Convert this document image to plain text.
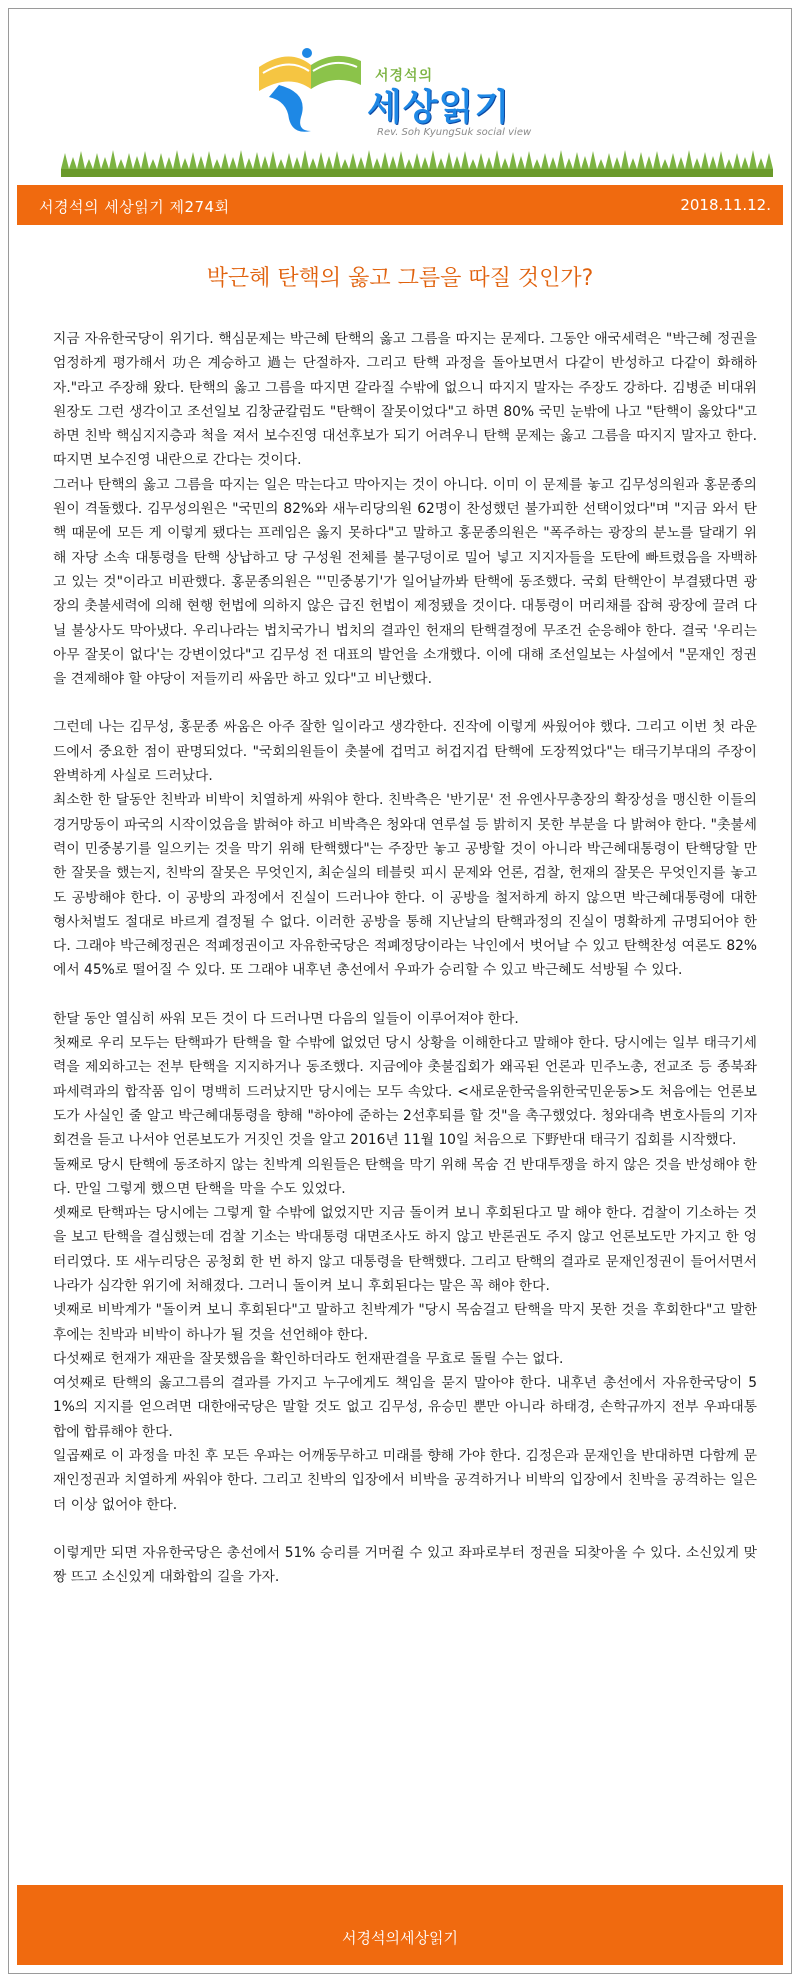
서경석의
세상읽기
Rev. Soh KyungSuk social view
서경석의 세상읽기 제274회	2018.11.12.
박근혜 탄핵의 옳고 그름을 따질 것인가?

지금 자유한국당이 위기다. 핵심문제는 박근혜 탄핵의 옳고 그름을 따지는 문제다. 그동안 애국세력은 "박근혜 정권을 엄정하게 평가해서 功은 계승하고 過는 단절하자. 그리고 탄핵 과정을 돌아보면서 다같이 반성하고 다같이 화해하자."라고 주장해 왔다. 탄핵의 옳고 그름을 따지면 갈라질 수밖에 없으니 따지지 말자는 주장도 강하다. 김병준 비대위원장도 그런 생각이고 조선일보 김창균칼럼도 "탄핵이 잘못이었다"고 하면 80% 국민 눈밖에 나고 "탄핵이 옳았다"고 하면 친박 핵심지지층과 척을 져서 보수진영 대선후보가 되기 어려우니 탄핵 문제는 옳고 그름을 따지지 말자고 한다. 따지면 보수진영 내란으로 간다는 것이다.

그러나 탄핵의 옳고 그름을 따지는 일은 막는다고 막아지는 것이 아니다. 이미 이 문제를 놓고 김무성의원과 홍문종의원이 격돌했다. 김무성의원은 "국민의 82%와 새누리당의원 62명이 찬성했던 불가피한 선택이었다"며 "지금 와서 탄핵 때문에 모든 게 이렇게 됐다는 프레임은 옳지 못하다"고 말하고 홍문종의원은 "폭주하는 광장의 분노를 달래기 위해 자당 소속 대통령을 탄핵 상납하고 당 구성원 전체를 불구덩이로 밀어 넣고 지지자들을 도탄에 빠트렸음을 자백하고 있는 것"이라고 비판했다. 홍문종의원은 "'민중봉기'가 일어날까봐 탄핵에 동조했다. 국회 탄핵안이 부결됐다면 광장의 촛불세력에 의해 현행 헌법에 의하지 않은 급진 헌법이 제정됐을 것이다. 대통령이 머리채를 잡혀 광장에 끌려 다닐 불상사도 막아냈다. 우리나라는 법치국가니 법치의 결과인 헌재의 탄핵결정에 무조건 순응해야 한다. 결국 '우리는 아무 잘못이 없다'는 강변이었다"고 김무성 전 대표의 발언을 소개했다. 이에 대해 조선일보는 사설에서 "문재인 정권을 견제해야 할 야당이 저들끼리 싸움만 하고 있다"고 비난했다.

그런데 나는 김무성, 홍문종 싸움은 아주 잘한 일이라고 생각한다. 진작에 이렇게 싸웠어야 했다. 그리고 이번 첫 라운드에서 중요한 점이 판명되었다. "국회의원들이 촛불에 겁먹고 허겁지겁 탄핵에 도장찍었다"는 태극기부대의 주장이 완벽하게 사실로 드러났다.

최소한 한 달동안 친박과 비박이 치열하게 싸워야 한다. 친박측은 '반기문' 전 유엔사무총장의 확장성을 맹신한 이들의 경거망동이 파국의 시작이었음을 밝혀야 하고 비박측은 청와대 연루설 등 밝히지 못한 부분을 다 밝혀야 한다. "촛불세력이 민중봉기를 일으키는 것을 막기 위해 탄핵했다"는 주장만 놓고 공방할 것이 아니라 박근혜대통령이 탄핵당할 만한 잘못을 했는지, 친박의 잘못은 무엇인지, 최순실의 테블릿 피시 문제와 언론, 검찰, 헌재의 잘못은 무엇인지를 놓고도 공방해야 한다. 이 공방의 과정에서 진실이 드러나야 한다. 이 공방을 철저하게 하지 않으면 박근혜대통령에 대한 형사처벌도 절대로 바르게 결정될 수 없다. 이러한 공방을 통해 지난날의 탄핵과정의 진실이 명확하게 규명되어야 한다. 그래야 박근혜정권은 적폐정권이고 자유한국당은 적폐정당이라는 낙인에서 벗어날 수 있고 탄핵찬성 여론도 82%에서 45%로 떨어질 수 있다. 또 그래야 내후년 총선에서 우파가 승리할 수 있고 박근혜도 석방될 수 있다.

한달 동안 열심히 싸워 모든 것이 다 드러나면 다음의 일들이 이루어져야 한다.

첫째로 우리 모두는 탄핵파가 탄핵을 할 수밖에 없었던 당시 상황을 이해한다고 말해야 한다. 당시에는 일부 태극기세력을 제외하고는 전부 탄핵을 지지하거나 동조했다. 지금에야 촛불집회가 왜곡된 언론과 민주노총, 전교조 등 종북좌파세력과의 합작품 임이 명백히 드러났지만 당시에는 모두 속았다. <새로운한국을위한국민운동>도 처음에는 언론보도가 사실인 줄 알고 박근혜대통령을 향해 "하야에 준하는 2선후퇴를 할 것"을 촉구했었다. 청와대측 변호사들의 기자회견을 듣고 나서야 언론보도가 거짓인 것을 알고 2016년 11월 10일 처음으로 下野반대 태극기 집회를 시작했다.

둘째로 당시 탄핵에 동조하지 않는 친박계 의원들은 탄핵을 막기 위해 목숨 건 반대투쟁을 하지 않은 것을 반성해야 한다. 만일 그렇게 했으면 탄핵을 막을 수도 있었다.

셋째로 탄핵파는 당시에는 그렇게 할 수밖에 없었지만 지금 돌이켜 보니 후회된다고 말 해야 한다. 검찰이 기소하는 것을 보고 탄핵을 결심했는데 검찰 기소는 박대통령 대면조사도 하지 않고 반론권도 주지 않고 언론보도만 가지고 한 엉터리였다. 또 새누리당은 공청회 한 번 하지 않고 대통령을 탄핵했다. 그리고 탄핵의 결과로 문재인정권이 들어서면서 나라가 심각한 위기에 처해졌다. 그러니 돌이켜 보니 후회된다는 말은 꼭 해야 한다.

넷째로 비박계가 "돌이켜 보니 후회된다"고 말하고 친박계가 "당시 목숨걸고 탄핵을 막지 못한 것을 후회한다"고 말한 후에는 친박과 비박이 하나가 될 것을 선언해야 한다.

다섯째로 헌재가 재판을 잘못했음을 확인하더라도 헌재판결을 무효로 돌릴 수는 없다.

여섯째로 탄핵의 옳고그름의 결과를 가지고 누구에게도 책임을 묻지 말아야 한다. 내후년 총선에서 자유한국당이 51%의 지지를 얻으려면 대한애국당은 말할 것도 없고 김무성, 유승민 뿐만 아니라 하태경, 손학규까지 전부 우파대통합에 합류해야 한다.

일곱째로 이 과정을 마친 후 모든 우파는 어깨동무하고 미래를 향해 가야 한다. 김정은과 문재인을 반대하면 다함께 문재인정권과 치열하게 싸워야 한다. 그리고 친박의 입장에서 비박을 공격하거나 비박의 입장에서 친박을 공격하는 일은 더 이상 없어야 한다.

이렇게만 되면 자유한국당은 총선에서 51% 승리를 거머쥘 수 있고 좌파로부터 정권을 되찾아올 수 있다. 소신있게 맞짱 뜨고 소신있게 대화합의 길을 가자.

서경석의세상읽기
